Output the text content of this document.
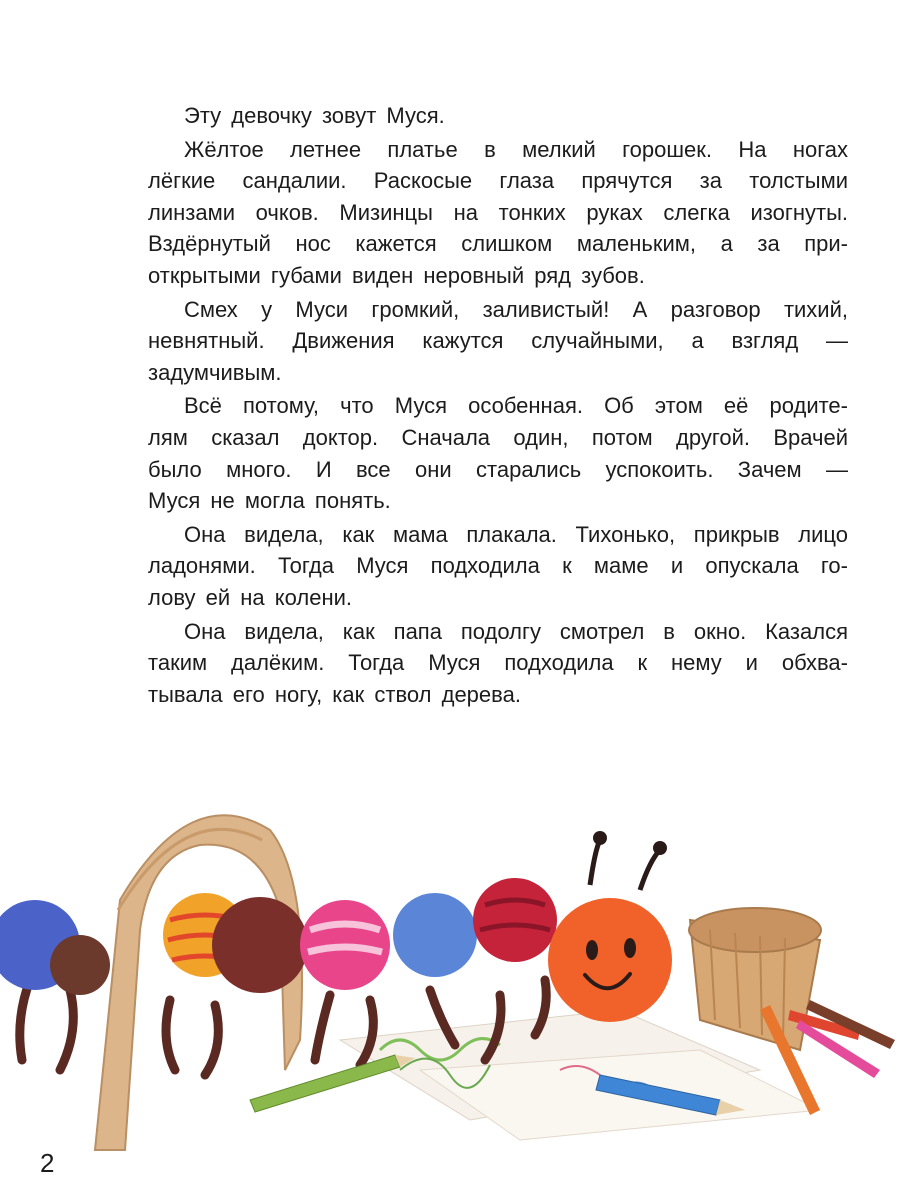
Эту девочку зовут Муся.

Жёлтое летнее платье в мелкий горошек. На ногах
лёгкие сандалии. Раскосые глаза прячутся за толстыми
линзами очков. Мизинцы на тонких руках слегка изогнуты.
Вздёрнутый нос кажется слишком маленьким, а за при-
открытыми губами виден неровный ряд зубов.

Смех у Муси громкий, заливистый! А разговор тихий,
невнятный. Движения кажутся случайными, а взгляд —
задумчивым.

Всё потому, что Муся особенная. Об этом её родите-
лям сказал доктор. Сначала один, потом другой. Врачей
было много. И все они старались успокоить. Зачем —
Муся не могла понять.

Она видела, как мама плакала. Тихонько, прикрыв лицо
ладонями. Тогда Муся подходила к маме и опускала го-
лову ей на колени.

Она видела, как папа подолгу смотрел в окно. Казался
таким далёким. Тогда Муся подходила к нему и обхва-
тывала его ногу, как ствол дерева.

2
